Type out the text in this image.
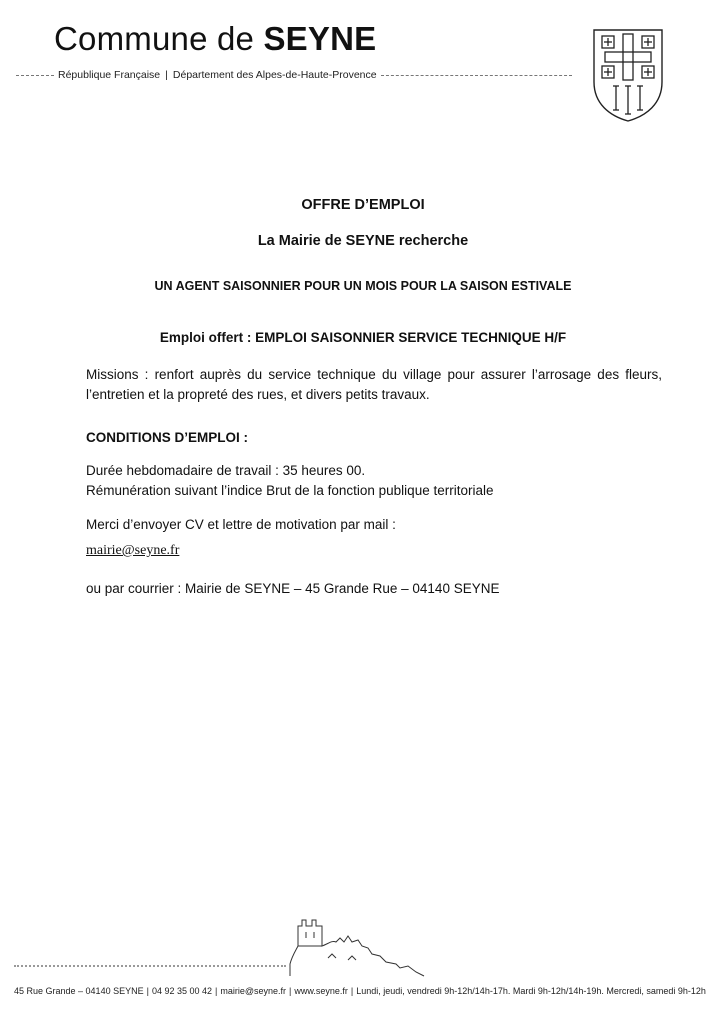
Commune de SEYNE
République Française | Département des Alpes-de-Haute-Provence
OFFRE D’EMPLOI
La Mairie de SEYNE recherche
UN AGENT SAISONNIER POUR UN MOIS POUR LA SAISON ESTIVALE
Emploi offert : EMPLOI SAISONNIER SERVICE TECHNIQUE H/F
Missions : renfort auprès du service technique du village pour assurer l’arrosage des fleurs, l’entretien et la propreté des rues, et divers petits travaux.
CONDITIONS D’EMPLOI :
Durée hebdomadaire de travail : 35 heures 00.
Rémunération suivant l’indice Brut de la fonction publique territoriale
Merci d’envoyer CV et lettre de motivation par mail :
mairie@seyne.fr
ou par courrier : Mairie de SEYNE – 45 Grande Rue – 04140 SEYNE
45 Rue Grande – 04140 SEYNE | 04 92 35 00 42 | mairie@seyne.fr | www.seyne.fr | Lundi, jeudi, vendredi 9h-12h/14h-17h. Mardi 9h-12h/14h-19h. Mercredi, samedi 9h-12h
